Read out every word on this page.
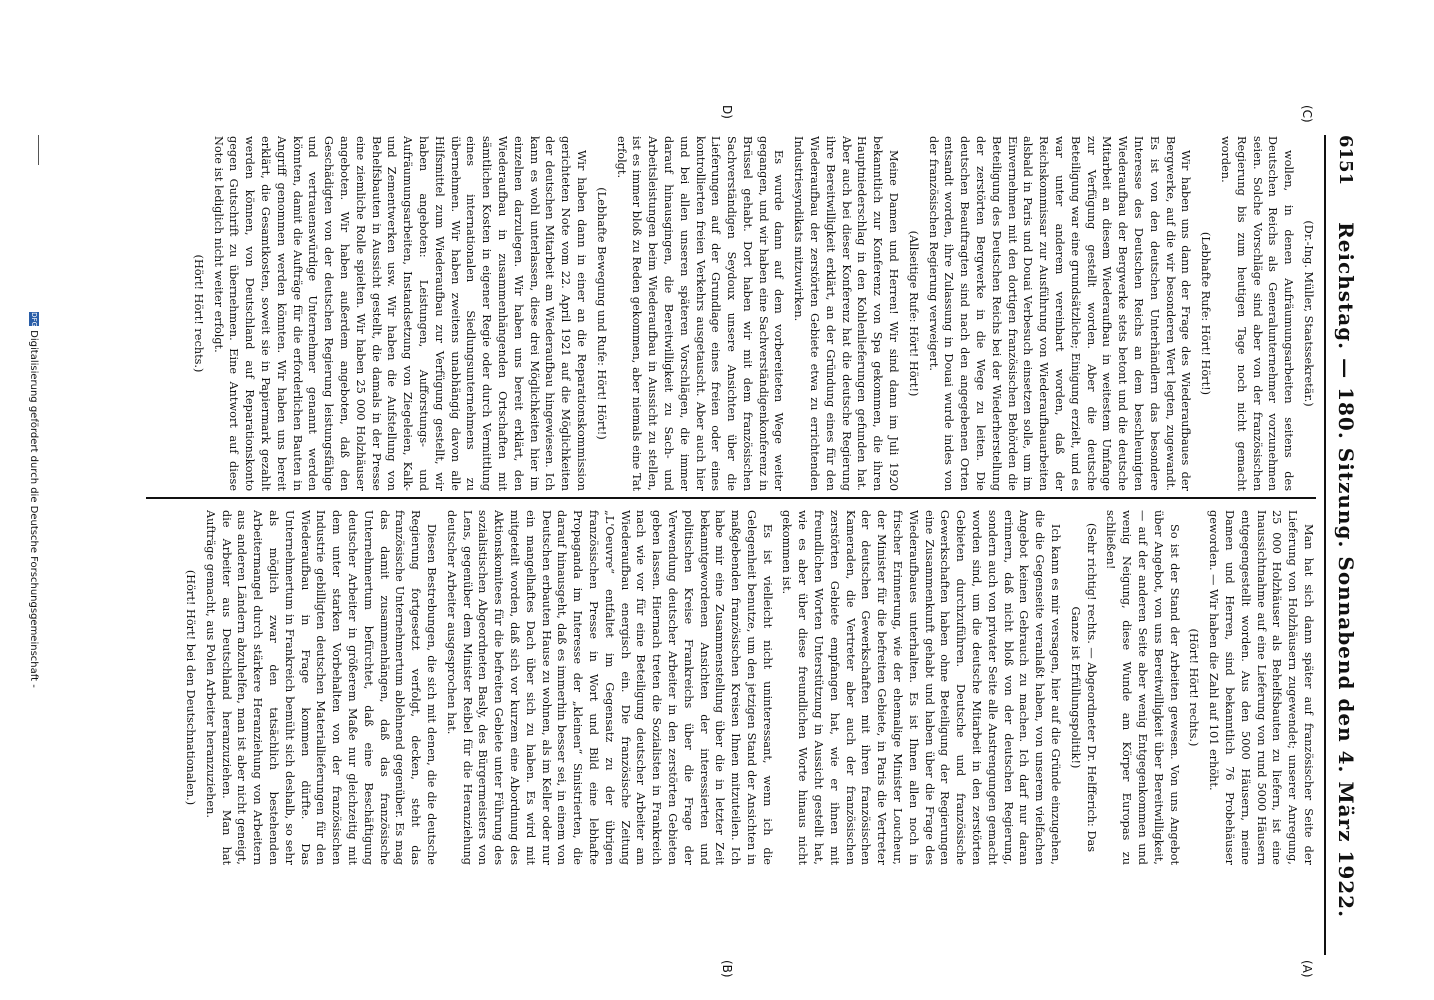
6151
Reichstag. — 180. Sitzung. Sonnabend den 4. März 1922.
(A)
(B)
(C)
D)

(Dr.-Ing. Müller, Staatssekretär.)

wollen, in denen Aufräumungsarbeiten seitens des Deutschen Reichs als Generalunternehmer vorzunehmen seien. Solche Vorschläge sind aber von der französischen Regierung bis zum heutigen Tage noch nicht gemacht worden.

(Lebhafte Rufe: Hört! Hört!)

Wir haben uns dann der Frage des Wiederaufbaues der Bergwerke, auf die wir besonderen Wert legten, zugewandt. Es ist von den deutschen Unterhändlern das besondere Interesse des Deutschen Reichs an dem beschleunigten Wiederaufbau der Bergwerke stets betont und die deutsche Mitarbeit an diesem Wiederaufbau in weitestem Umfange zur Verfügung gestellt worden. Aber die deutsche Beteiligung war eine grundsätzliche; Einigung erzielt, und es war unter anderem vereinbart worden, daß der Reichskommissar zur Ausführung von Wiederaufbauarbeiten alsbald in Paris und Douai Verbesuch einsetzen solle, um im Einvernehmen mit den dortigen französischen Behörden die Beteiligung des Deutschen Reichs bei der Wiederherstellung der zerstörten Bergwerke in die Wege zu leiten. Die deutschen Beauftragten sind nach den angegebenen Orten entsandt worden, ihre Zulassung in Douai wurde indes von der französischen Regierung verweigert.

(Allseitige Rufe: Hört! Hört!)

Meine Damen und Herren! Wir sind dann im Juli 1920 bekanntlich zur Konferenz von Spa gekommen, die ihren Hauptniederschlag in den Kohlenlieferungen gefunden hat. Aber auch bei dieser Konferenz hat die deutsche Regierung ihre Bereitwilligkeit erklärt, an der Gründung eines für den Wiederaufbau der zerstörten Gebiete etwa zu errichtenden Industriesyndikats mitzuwirken.

Es wurde dann auf dem vorbereiteten Wege weiter gegangen, und wir haben eine Sachverständigenkonferenz in Brüssel gehabt. Dort haben wir mit dem französischen Sachverständigen Seydoux unsere Ansichten über die Lieferungen auf der Grundlage eines freien oder eines kontrollierten freien Verkehrs ausgetauscht. Aber auch hier und bei allen unseren späteren Vorschlägen, die immer darauf hinausgingen, die Bereitwilligkeit zu Sach- und Arbeitsleistungen beim Wiederaufbau in Aussicht zu stellen, ist es immer bloß zu Reden gekommen, aber niemals eine Tat erfolgt.

(Lebhafte Bewegung und Rufe: Hört! Hört!)

Wir haben dann in einer an die Reparationskommission gerichteten Note vom 22. April 1921 auf die Möglichkeiten der deutschen Mitarbeit am Wiederaufbau hingewiesen. Ich kann es wohl unterlassen, diese drei Möglichkeiten hier im einzelnen darzulegen. Wir haben uns bereit erklärt, den Wiederaufbau in zusammenhängenden Ortschaften mit sämtlichen Kosten in eigener Regie oder durch Vermittlung eines internationalen Siedlungsunternehmens zu übernehmen. Wir haben zweitens unabhängig davon alle Hilfsmittel zum Wiederaufbau zur Verfügung gestellt, wir haben angeboten: Leistungen, Aufforstungs- und Aufräumungsarbeiten, Instandsetzung von Ziegeleien, Kalk- und Zementwerken usw. Wir haben die Aufstellung von Behelfsbauten in Aussicht gestellt, die damals in der Presse eine ziemliche Rolle spielten. Wir haben 25 000 Holzhäuser angeboten. Wir haben außerdem angeboten, daß den Geschädigten von der deutschen Regierung leistungsfähige und vertrauenswürdige Unternehmer genannt werden könnten, damit die Aufträge für die erforderlichen Bauten in Angriff genommen werden könnten. Wir haben uns bereit erklärt, die Gesamtkosten, soweit sie in Papiermark gezahlt werden können, von Deutschland auf Reparationskonto gegen Gutschrift zu übernehmen. Eine Antwort auf diese Note ist lediglich nicht weiter erfolgt.

(Hört! Hört! rechts.)

Man hat sich dann später auf französischer Seite der Lieferung von Holzhäusern zugewendet; unserer Anregung, 25 000 Holzhäuser als Behelfsbauten zu liefern, ist eine Inaussichtnahme auf eine Lieferung von rund 5000 Häusern entgegengestellt worden. Aus den 5000 Häusern, meine Damen und Herren, sind bekanntlich 76 Probehäuser geworden. — Wir haben die Zahl auf 101 erhöht.

(Hört! Hört! rechts.)

So ist der Stand der Arbeiten gewesen. Von uns Angebot über Angebot, von uns Bereitwilligkeit über Bereitwilligkeit, — auf der anderen Seite aber wenig Entgegenkommen und wenig Neigung, diese Wunde am Körper Europas zu schließen!

(Sehr richtig! rechts. — Abgeordneter Dr. Helfferich: Das Ganze ist Erfüllungspolitik!)

Ich kann es mir versagen, hier auf die Gründe einzugehen, die die Gegenseite veranlaßt haben, von unserem vielfachen Angebot keinen Gebrauch zu machen. Ich darf nur daran erinnern, daß nicht bloß von der deutschen Regierung, sondern auch von privater Seite alle Anstrengungen gemacht worden sind, um die deutsche Mitarbeit in den zerstörten Gebieten durchzuführen. Deutsche und französische Gewerkschaften haben ohne Beteiligung der Regierungen eine Zusammenkunft gehabt und haben über die Frage des Wiederaufbaues unterhalten. Es ist Ihnen allen noch in frischer Erinnerung, wie der ehemalige Minister Loucheur, der Minister für die befreiten Gebiete, in Paris die Vertreter der deutschen Gewerkschaften mit ihren französischen Kameraden, die Vertreter aber auch der französischen zerstörten Gebiete empfangen hat, wie er ihnen mit freundlichen Worten Unterstützung in Aussicht gestellt hat, wie es aber über diese freundlichen Worte hinaus nicht gekommen ist.

Es ist vielleicht nicht uninteressant, wenn ich die Gelegenheit benutze, um den jetzigen Stand der Ansichten in maßgebenden französischen Kreisen Ihnen mitzuteilen. Ich habe mir eine Zusammenstellung über die in letzter Zeit bekanntgewordenen Ansichten der interessierten und politischen Kreise Frankreichs über die Frage der Verwendung deutscher Arbeiter in den zerstörten Gebieten geben lassen. Hiernach treten die Sozialisten in Frankreich nach wie vor für eine Beteiligung deutscher Arbeiter am Wiederaufbau energisch ein. Die französische Zeitung „L'Oeuvre“ entfaltet im Gegensatz zu der übrigen französischen Presse in Wort und Bild eine lebhafte Propaganda im Interesse der „kleinen“ Sinistrierten, die darauf hinausgeht, daß es immerhin besser sei, in einem von Deutschen erbauten Hause zu wohnen, als im Keller oder nur ein mangelhaftes Dach über sich zu haben. Es wird mit mitgeteilt worden, daß sich vor kurzem eine Abordnung des Aktionskomitees für die befreiten Gebiete unter Führung des sozialistischen Abgeordneten Basly, des Bürgermeisters von Lens, gegenüber dem Minister Reibel für die Heranziehung deutscher Arbeiter ausgesprochen hat.

Diesen Bestrebungen, die sich mit denen, die die deutsche Regierung fortgesetzt verfolgt, decken, steht das französische Unternehmertum ablehnend gegenüber. Es mag das damit zusammenhängen, daß das französische Unternehmertum befürchtet, daß eine Beschäftigung deutscher Arbeiter in größerem Maße nur gleichzeitig mit dem unter starken Vorbehalten von der französischen Industrie gebilligten deutschen Materiallieferungen für den Wiederaufbau in Frage kommen dürfte. Das Unternehmertum in Frankreich bemüht sich deshalb, so sehr als möglich zwar den tatsächlich bestehenden Arbeitermangel durch stärkere Heranziehung von Arbeitern aus anderen Ländern abzuhelfen, man ist aber nicht geneigt, die Arbeiter aus Deutschland heranzuziehen. Man hat Aufträge gemacht, aus Polen Arbeiter heranzuziehen.

(Hört! Hört! bei den Deutschnationalen.)

DFGDigitalisierung gefördert durch die Deutsche Forschungsgemeinschaft -
